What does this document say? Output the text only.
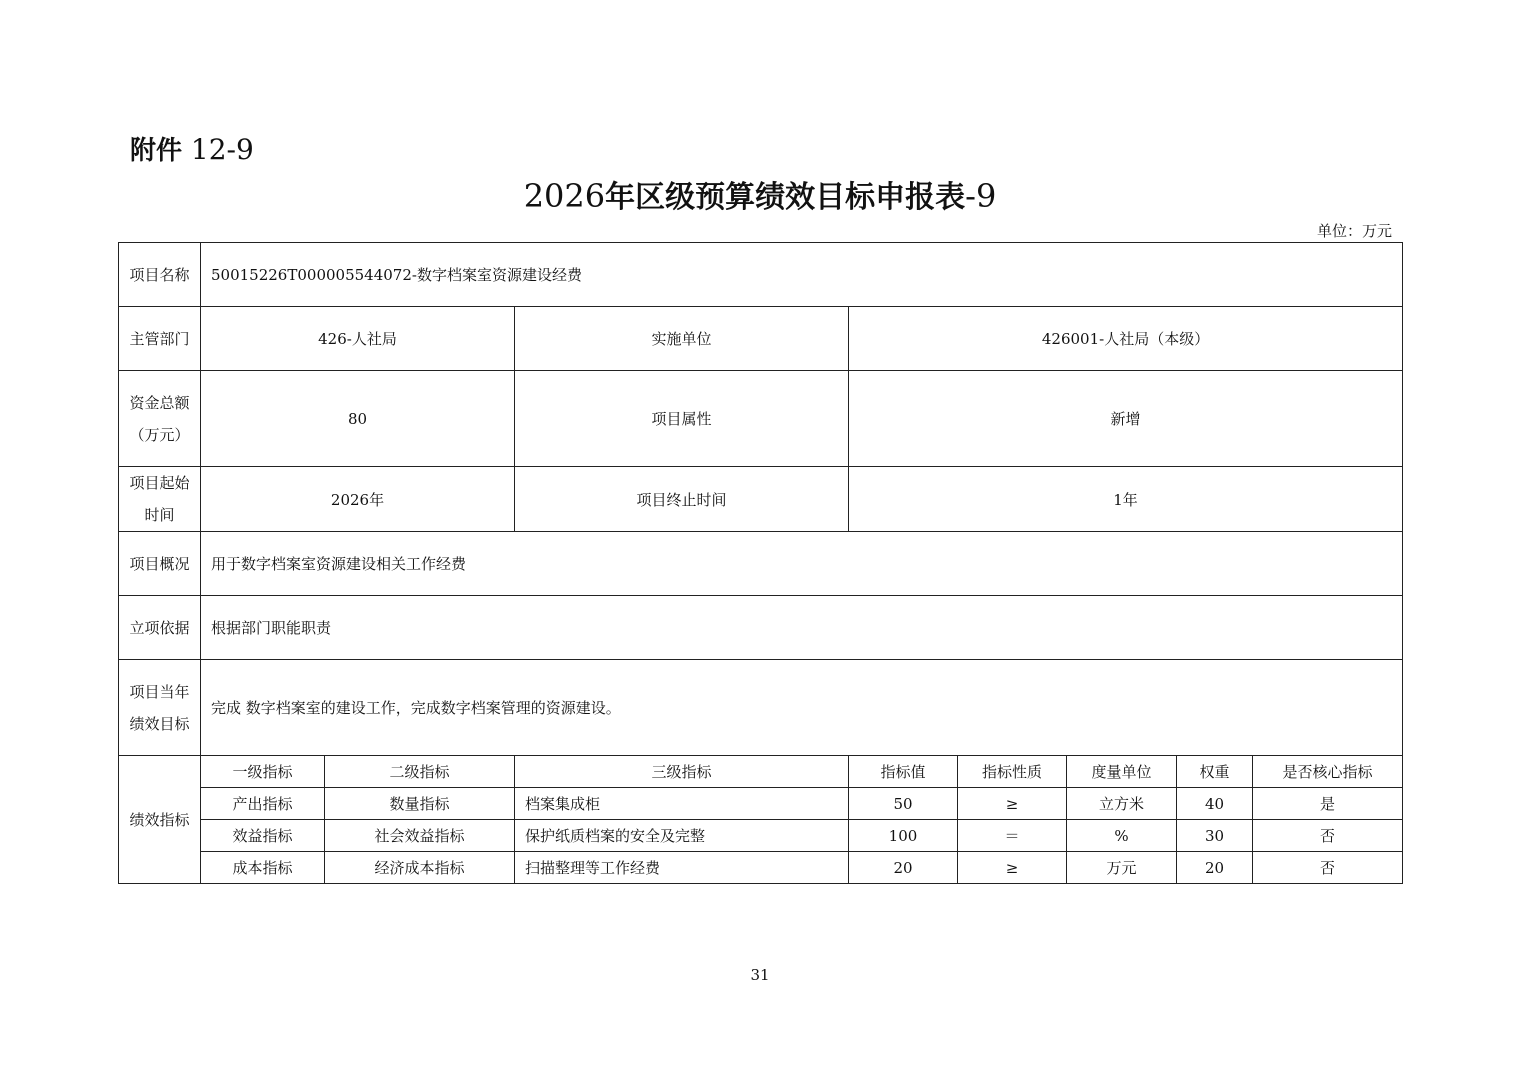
附件 12-9
2026年区级预算绩效目标申报表-9
单位：万元
项目名称	50015226T000005544072-数字档案室资源建设经费							
主管部门	426-人社局		实施单位	426001-人社局（本级）				
资金总额（万元）	80		项目属性	新增				
项目起始时间	2026年		项目终止时间	1年				
项目概况	用于数字档案室资源建设相关工作经费							
立项依据	根据部门职能职责							
项目当年绩效目标	完成 数字档案室的建设工作，完成数字档案管理的资源建设。							
绩效指标	一级指标	二级指标	三级指标	指标值	指标性质	度量单位	权重	是否核心指标
	产出指标	数量指标	档案集成柜	50	≥	立方米	40	是
	效益指标	社会效益指标	保护纸质档案的安全及完整	100	＝	%	30	否
	成本指标	经济成本指标	扫描整理等工作经费	20	≥	万元	20	否
31
